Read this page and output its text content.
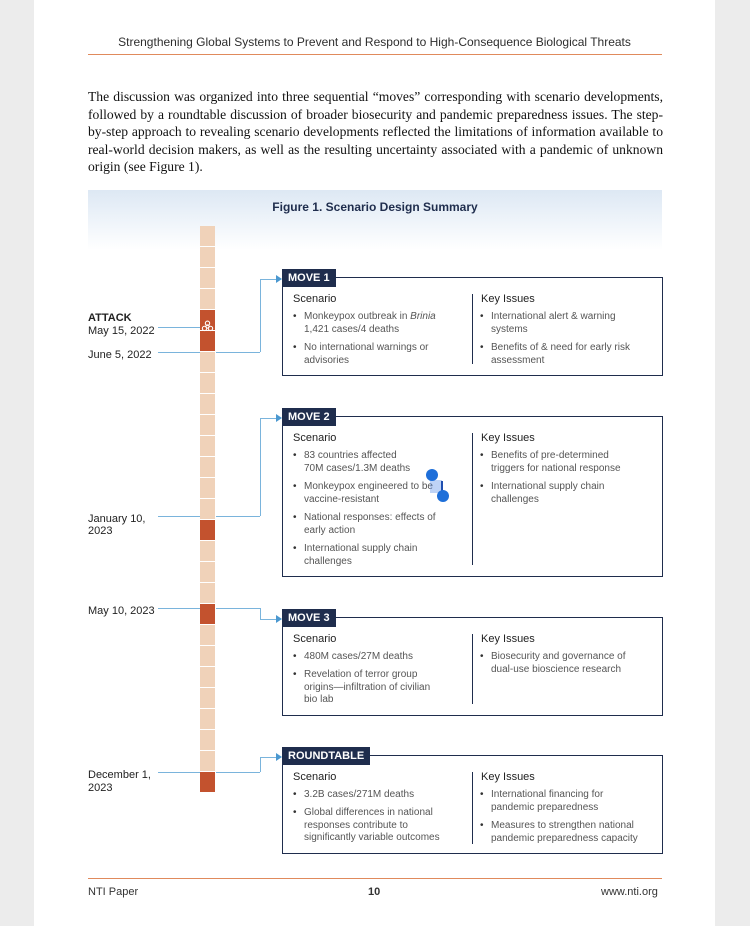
Strengthening Global Systems to Prevent and Respond to High-Consequence Biological Threats
The discussion was organized into three sequential “moves” corresponding with scenario developments, followed by a roundtable discussion of broader biosecurity and pandemic preparedness issues. The step-by-step approach to revealing scenario developments reflected the limitations of information available to real-world decision makers, as well as the resulting uncertainty associated with a pandemic of unknown origin (see Figure 1).
Figure 1. Scenario Design Summary
ATTACK
May 15, 2022
June 5, 2022
January 10,
2023
May 10, 2023
December 1,
2023
Scenario	Key Issues
• Monkeypox outbreak in Brinia
1,421 cases/4 deaths
• No international warnings or
advisories
• International alert & warning
systems
• Benefits of & need for early risk
assessment
MOVE 1
Scenario	Key Issues
• 83 countries affected
70M cases/1.3M deaths
• Monkeypox engineered to be
vaccine-resistant
• National responses: effects of
early action
• International supply chain
challenges
• Benefits of pre-determined
triggers for national response
• International supply chain
challenges
MOVE 2
Scenario	Key Issues
• 480M cases/27M deaths
• Revelation of terror group
origins—infiltration of civilian
bio lab
• Biosecurity and governance of
dual-use bioscience research
MOVE 3
Scenario	Key Issues
• 3.2B cases/271M deaths
• Global differences in national
responses contribute to
significantly variable outcomes
• International financing for
pandemic preparedness
• Measures to strengthen national
pandemic preparedness capacity
ROUNDTABLE
NTI Paper	10	www.nti.org
